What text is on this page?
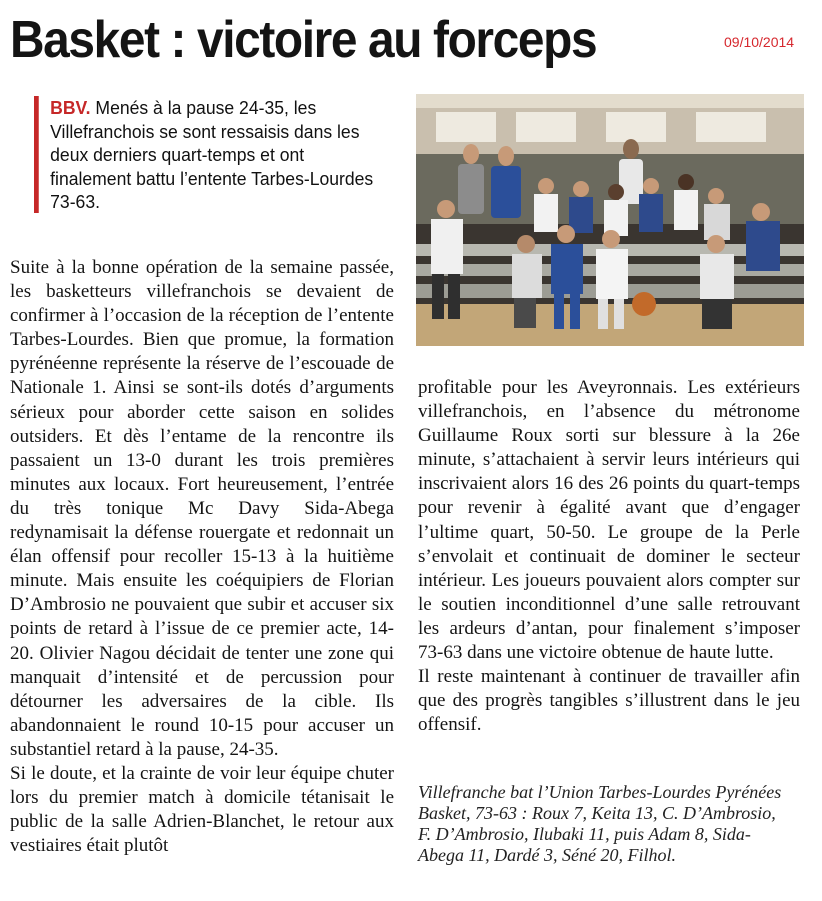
Basket : victoire au forceps	09/10/2014
BBV. Menés à la pause 24-35, les Villefranchois se sont ressaisis dans les deux derniers quart-temps et ont finalement battu l’entente Tarbes-Lourdes 73-63.

Suite à la bonne opération de la semaine passée, les basketteurs villefranchois se devaient de confirmer à l’occasion de la réception de l’entente Tarbes-Lourdes. Bien que promue, la formation pyrénéenne représente la réserve de l’escouade de Nationale 1. Ainsi se sont-ils dotés d’arguments sérieux pour aborder cette saison en solides outsiders. Et dès l’entame de la rencontre ils passaient un 13-0 durant les trois premières minutes aux locaux. Fort heureusement, l’entrée du très tonique Mc Davy Sida-Abega redynamisait la défense rouergate et redonnait un élan offensif pour recoller 15-13 à la huitième minute. Mais ensuite les coéquipiers de Florian D’Ambrosio ne pouvaient que subir et accuser six points de retard à l’issue de ce premier acte, 14-20. Olivier Nagou décidait de tenter une zone qui manquait d’intensité et de percussion pour détourner les adversaires de la cible. Ils abandonnaient le round 10-15 pour accuser un substantiel retard à la pause, 24-35.

Si le doute, et la crainte de voir leur équipe chuter lors du premier match à domicile tétanisait le public de la salle Adrien-Blanchet, le retour aux vestiaires était plutôt

profitable pour les Aveyronnais. Les extérieurs villefranchois, en l’absence du métronome Guillaume Roux sorti sur blessure à la 26e minute, s’attachaient à servir leurs intérieurs qui inscrivaient alors 16 des 26 points du quart-temps pour revenir à égalité avant que d’engager l’ultime quart, 50-50. Le groupe de la Perle s’envolait et continuait de dominer le secteur intérieur. Les joueurs pouvaient alors compter sur le soutien inconditionnel d’une salle retrouvant les ardeurs d’antan, pour finalement s’imposer 73-63 dans une victoire obtenue de haute lutte.

Il reste maintenant à continuer de travailler afin que des progrès tangibles s’illustrent dans le jeu offensif.

Villefranche bat l’Union Tarbes-Lourdes Pyrénées Basket, 73-63 : Roux 7, Keita 13, C. D’Ambrosio, F. D’Ambrosio, Ilubaki 11, puis Adam 8, Sida-Abega 11, Dardé 3, Séné 20, Filhol.
